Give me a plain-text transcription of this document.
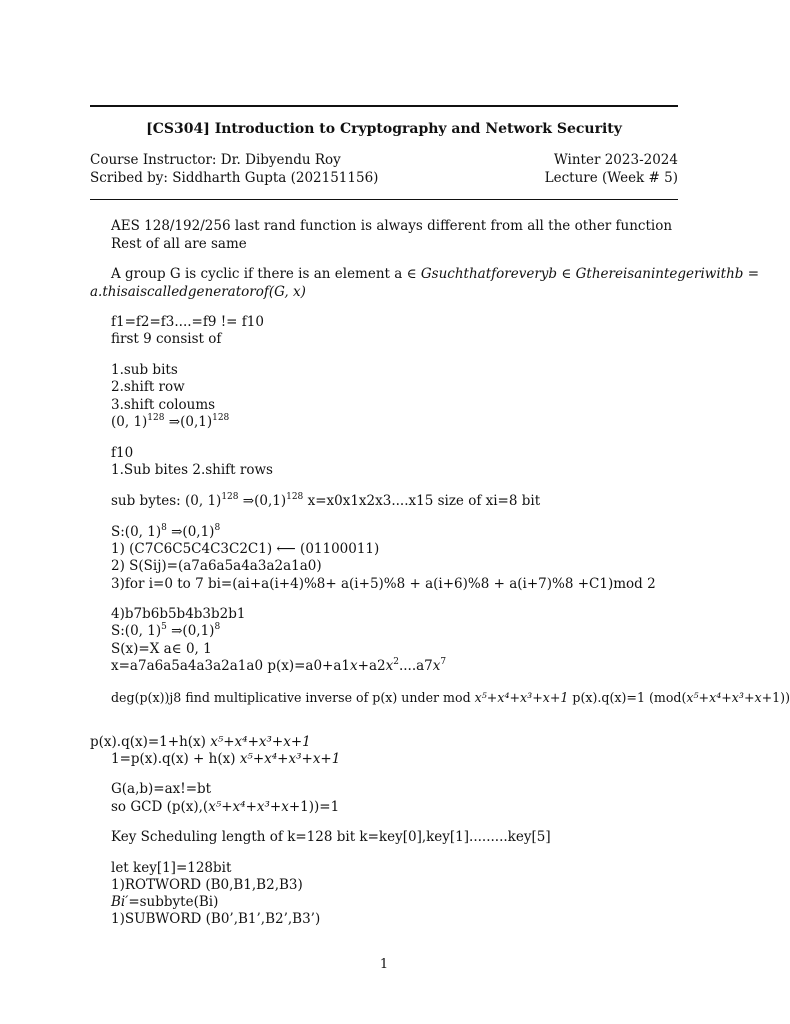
[CS304] Introduction to Cryptography and Network Security
Course Instructor: Dr. Dibyendu Roy	Winter 2023-2024
Scribed by: Siddharth Gupta (202151156)	Lecture (Week # 5)
AES 128/192/256 last rand function is always different from all the other function
Rest of all are same
A group G is cyclic if there is an element a ∈ Gsuchthatforeveryb ∈ Gthereisanintegeriwithb =
a.thisaiscalledgeneratorof(G, x)
f1=f2=f3....=f9 != f10
first 9 consist of
1.sub bits
2.shift row
3.shift coloums
(0, 1)$^{128}$ $\Rightarrow(0,1)^{128}$
f10
1.Sub bites 2.shift rows
sub bytes: (0, 1)$^{128}$ $\Rightarrow(0,1)^{128}$ x=x0x1x2x3....x15 size of xi=8 bit
S:(0, 1)$^8$ $\Rightarrow(0,1)^8$
1) (C7C6C5C4C3C2C1) ⟵ (01100011)
2) S(Sij)=(a7a6a5a4a3a2a1a0)
3)for i=0 to 7 bi=(ai+a(i+4)%8+ a(i+5)%8 + a(i+6)%8 + a(i+7)%8 +C1)mod 2
4)b7b6b5b4b3b2b1
S:(0, 1)$^5$ $\Rightarrow(0,1)^8$
S(x)=X a∈ 0, 1
x=a7a6a5a4a3a2a1a0 $p(x)=a0+a1x+a2x^2....a7x^7$
deg(p(x))j8 find multiplicative inverse of p(x) under mod x⁵+x⁴+x³+x+1 p(x).q(x)=1 (mod(x⁵+x⁴+x³+x+1))
p(x).q(x)=1+h(x) x⁵+x⁴+x³+x+1
1=p(x).q(x) + h(x) x⁵+x⁴+x³+x+1
G(a,b)=ax!=bt
so GCD (p(x),(x⁵+x⁴+x³+x+1))=1
Key Scheduling length of k=128 bit k=key[0],key[1].........key[5]
let key[1]=128bit
1)ROTWORD (B0,B1,B2,B3)
Bi′=subbyte(Bi)
1)SUBWORD (B0’,B1’,B2’,B3’)
1
